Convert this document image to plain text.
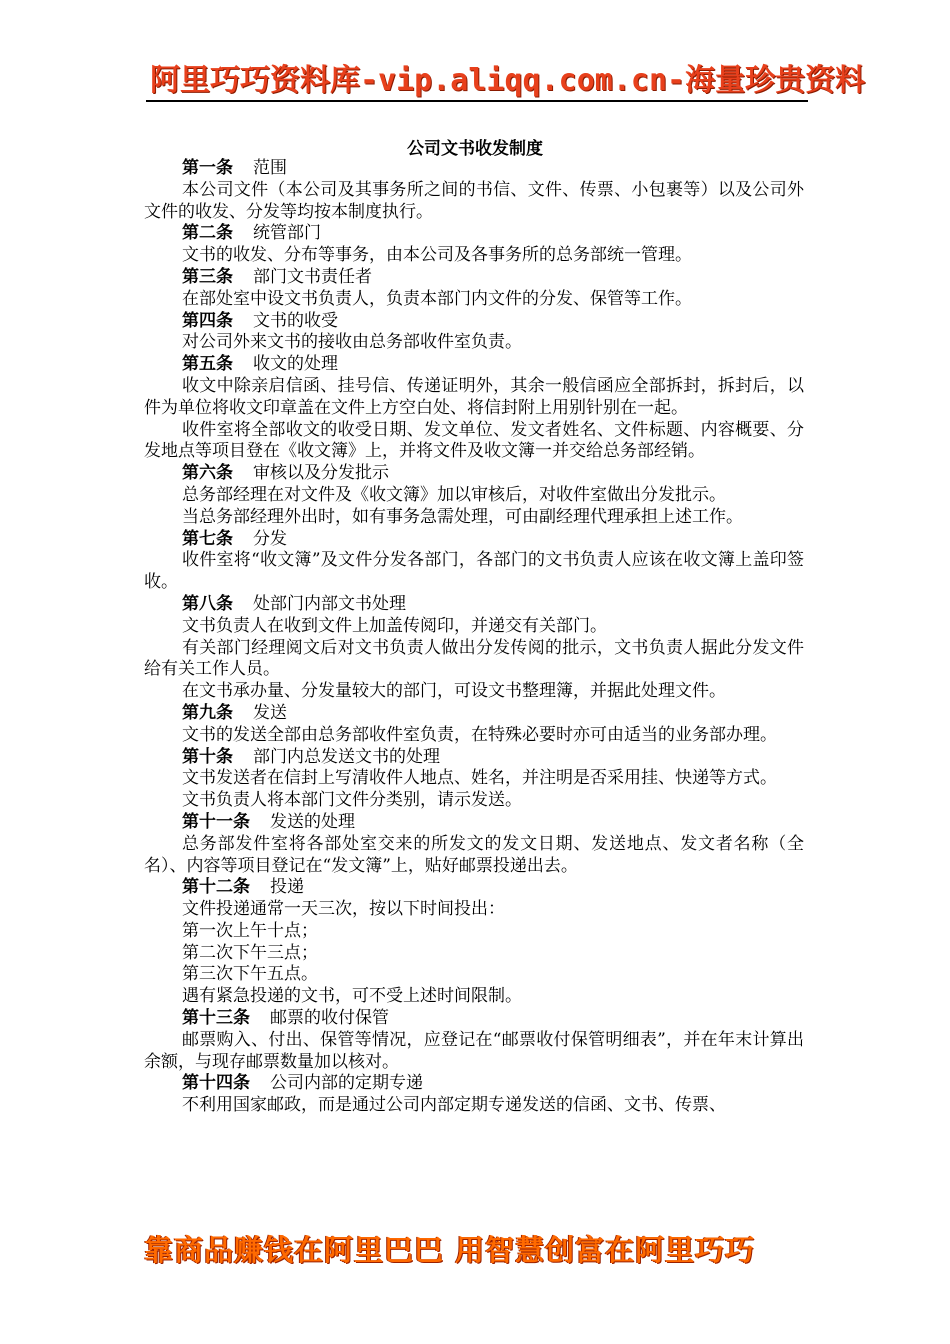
阿里巧巧资料库-vip.aliqq.com.cn-海量珍贵资料
公司文书收发制度
第一条 范围
本公司文件（本公司及其事务所之间的书信、文件、传票、小包裹等）以及公司外文件的收发、分发等均按本制度执行。
第二条 统管部门
文书的收发、分布等事务，由本公司及各事务所的总务部统一管理。
第三条 部门文书责任者
在部处室中设文书负责人，负责本部门内文件的分发、保管等工作。
第四条 文书的收受
对公司外来文书的接收由总务部收件室负责。
第五条 收文的处理
收文中除亲启信函、挂号信、传递证明外，其余一般信函应全部拆封，拆封后，以件为单位将收文印章盖在文件上方空白处、将信封附上用别针别在一起。
收件室将全部收文的收受日期、发文单位、发文者姓名、文件标题、内容概要、分发地点等项目登在《收文簿》上，并将文件及收文簿一并交给总务部经销。
第六条 审核以及分发批示
总务部经理在对文件及《收文簿》加以审核后，对收件室做出分发批示。
当总务部经理外出时，如有事务急需处理，可由副经理代理承担上述工作。
第七条 分发
收件室将“收文簿”及文件分发各部门，各部门的文书负责人应该在收文簿上盖印签收。
第八条 处部门内部文书处理
文书负责人在收到文件上加盖传阅印，并递交有关部门。
有关部门经理阅文后对文书负责人做出分发传阅的批示，文书负责人据此分发文件给有关工作人员。
在文书承办量、分发量较大的部门，可设文书整理簿，并据此处理文件。
第九条 发送
文书的发送全部由总务部收件室负责，在特殊必要时亦可由适当的业务部办理。
第十条 部门内总发送文书的处理
文书发送者在信封上写清收件人地点、姓名，并注明是否采用挂、快递等方式。
文书负责人将本部门文件分类别，请示发送。
第十一条 发送的处理
总务部发件室将各部处室交来的所发文的发文日期、发送地点、发文者名称（全名）、内容等项目登记在“发文簿”上，贴好邮票投递出去。
第十二条 投递
文件投递通常一天三次，按以下时间投出：
第一次上午十点；
第二次下午三点；
第三次下午五点。
遇有紧急投递的文书，可不受上述时间限制。
第十三条 邮票的收付保管
邮票购入、付出、保管等情况，应登记在“邮票收付保管明细表”，并在年末计算出余额，与现存邮票数量加以核对。
第十四条 公司内部的定期专递
不利用国家邮政，而是通过公司内部定期专递发送的信函、文书、传票、
靠商品赚钱在阿里巴巴 用智慧创富在阿里巧巧
